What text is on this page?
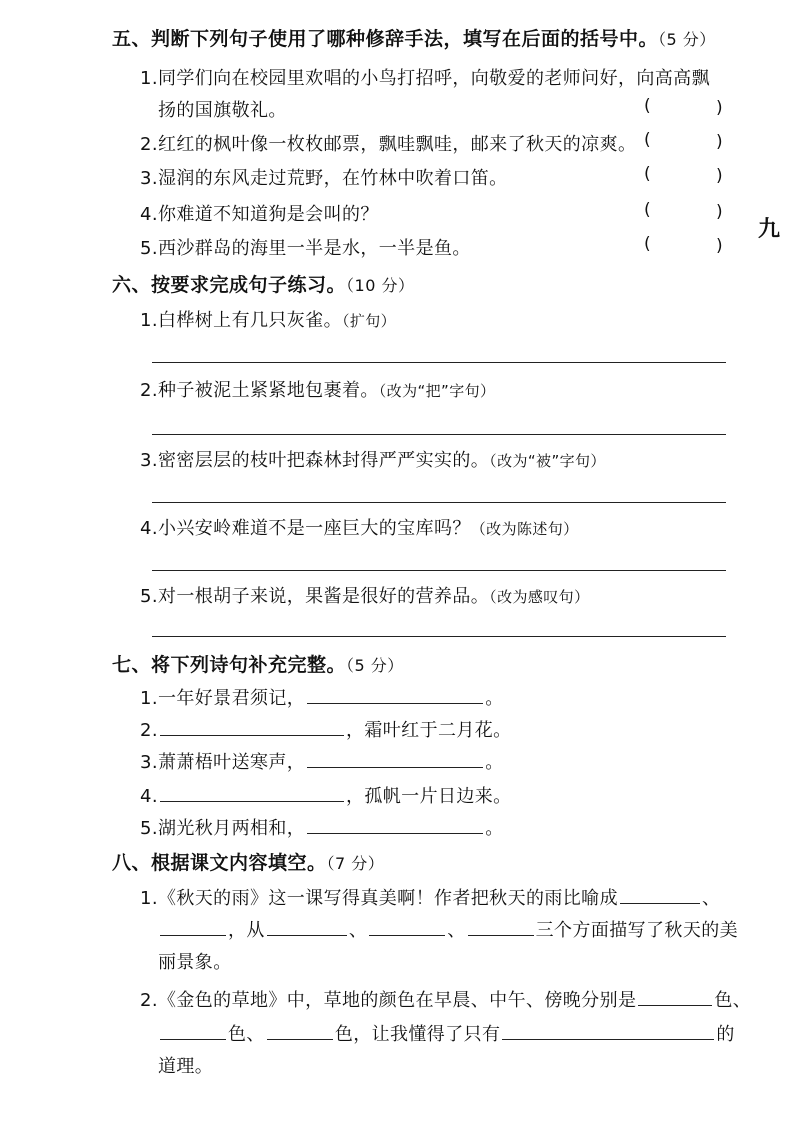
九
五、判断下列句子使用了哪种修辞手法，填写在后面的括号中。（5 分）
1.同学们向在校园里欢唱的小鸟打招呼，向敬爱的老师问好，向高高飘
扬的国旗敬礼。
2.红红的枫叶像一枚枚邮票，飘哇飘哇，邮来了秋天的凉爽。
3.湿润的东风走过荒野，在竹林中吹着口笛。
4.你难道不知道狗是会叫的？
5.西沙群岛的海里一半是水，一半是鱼。
(	)
(	)
(	)
(	)
(	)
六、按要求完成句子练习。（10 分）
1.白桦树上有几只灰雀。（扩句）
2.种子被泥土紧紧地包裹着。（改为“把”字句）
3.密密层层的枝叶把森林封得严严实实的。（改为“被”字句）
4.小兴安岭难道不是一座巨大的宝库吗？（改为陈述句）
5.对一根胡子来说，果酱是很好的营养品。（改为感叹句）
七、将下列诗句补充完整。（5 分）
1.一年好景君须记，	。
2.	，霜叶红于二月花。
3.萧萧梧叶送寒声，	。
4.	，孤帆一片日边来。
5.湖光秋月两相和，	。
八、根据课文内容填空。（7 分）
1.《秋天的雨》这一课写得真美啊！作者把秋天的雨比喻成	、
，从	、	、	三个方面描写了秋天的美
丽景象。
2.《金色的草地》中，草地的颜色在早晨、中午、傍晚分别是	色、
色、	色，让我懂得了只有	的
道理。
